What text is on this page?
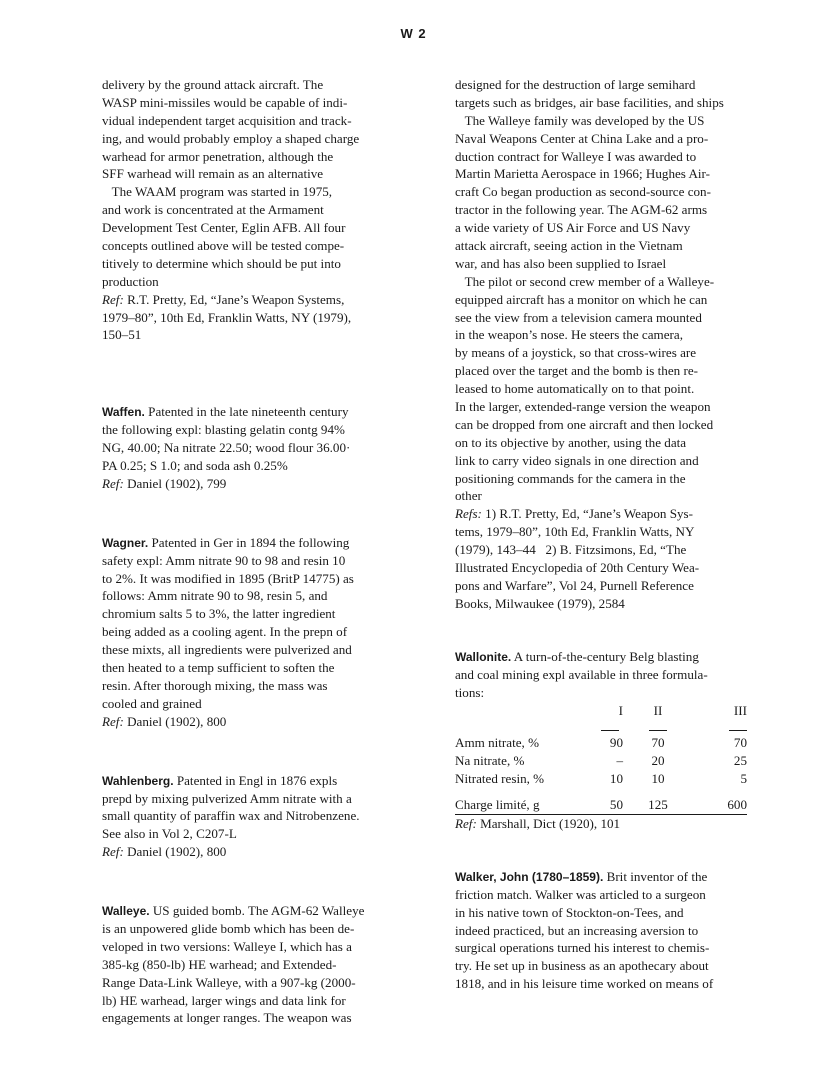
W 2
delivery by the ground attack aircraft. The
WASP mini-missiles would be capable of indi-
vidual independent target acquisition and track-
ing, and would probably employ a shaped charge
warhead for armor penetration, although the
SFF warhead will remain as an alternative
The WAAM program was started in 1975,
and work is concentrated at the Armament
Development Test Center, Eglin AFB. All four
concepts outlined above will be tested compe-
titively to determine which should be put into
production
Ref: R.T. Pretty, Ed, “Jane’s Weapon Systems,
1979–80”, 10th Ed, Franklin Watts, NY (1979),
150–51
Waffen. Patented in the late nineteenth century
the following expl: blasting gelatin contg 94%
NG, 40.00; Na nitrate 22.50; wood flour 36.00·
PA 0.25; S 1.0; and soda ash 0.25%
Ref: Daniel (1902), 799
Wagner. Patented in Ger in 1894 the following
safety expl: Amm nitrate 90 to 98 and resin 10
to 2%. It was modified in 1895 (BritP 14775) as
follows: Amm nitrate 90 to 98, resin 5, and
chromium salts 5 to 3%, the latter ingredient
being added as a cooling agent. In the prepn of
these mixts, all ingredients were pulverized and
then heated to a temp sufficient to soften the
resin. After thorough mixing, the mass was
cooled and grained
Ref: Daniel (1902), 800
Wahlenberg. Patented in Engl in 1876 expls
prepd by mixing pulverized Amm nitrate with a
small quantity of paraffin wax and Nitrobenzene.
See also in Vol 2, C207-L
Ref: Daniel (1902), 800
Walleye. US guided bomb. The AGM-62 Walleye
is an unpowered glide bomb which has been de-
veloped in two versions: Walleye I, which has a
385-kg (850-lb) HE warhead; and Extended-
Range Data-Link Walleye, with a 907-kg (2000-
lb) HE warhead, larger wings and data link for
engagements at longer ranges. The weapon was
designed for the destruction of large semihard
targets such as bridges, air base facilities, and ships
The Walleye family was developed by the US
Naval Weapons Center at China Lake and a pro-
duction contract for Walleye I was awarded to
Martin Marietta Aerospace in 1966; Hughes Air-
craft Co began production as second-source con-
tractor in the following year. The AGM-62 arms
a wide variety of US Air Force and US Navy
attack aircraft, seeing action in the Vietnam
war, and has also been supplied to Israel
The pilot or second crew member of a Walleye-
equipped aircraft has a monitor on which he can
see the view from a television camera mounted
in the weapon’s nose. He steers the camera,
by means of a joystick, so that cross-wires are
placed over the target and the bomb is then re-
leased to home automatically on to that point.
In the larger, extended-range version the weapon
can be dropped from one aircraft and then locked
on to its objective by another, using the data
link to carry video signals in one direction and
positioning commands for the camera in the
other
Refs: 1) R.T. Pretty, Ed, “Jane’s Weapon Sys-
tems, 1979–80”, 10th Ed, Franklin Watts, NY
(1979), 143–44   2) B. Fitzsimons, Ed, “The
Illustrated Encyclopedia of 20th Century Wea-
pons and Warfare”, Vol 24, Purnell Reference
Books, Milwaukee (1979), 2584
Wallonite. A turn-of-the-century Belg blasting
and coal mining expl available in three formula-
tions:
	I	II	III

Amm nitrate, %	90	70	70
Na nitrate, %	–	20	25
Nitrated resin, %	10	10	5

Charge limité, g	50	125	600
Ref: Marshall, Dict (1920), 101
Walker, John (1780–1859). Brit inventor of the
friction match. Walker was articled to a surgeon
in his native town of Stockton-on-Tees, and
indeed practiced, but an increasing aversion to
surgical operations turned his interest to chemis-
try. He set up in business as an apothecary about
1818, and in his leisure time worked on means of
